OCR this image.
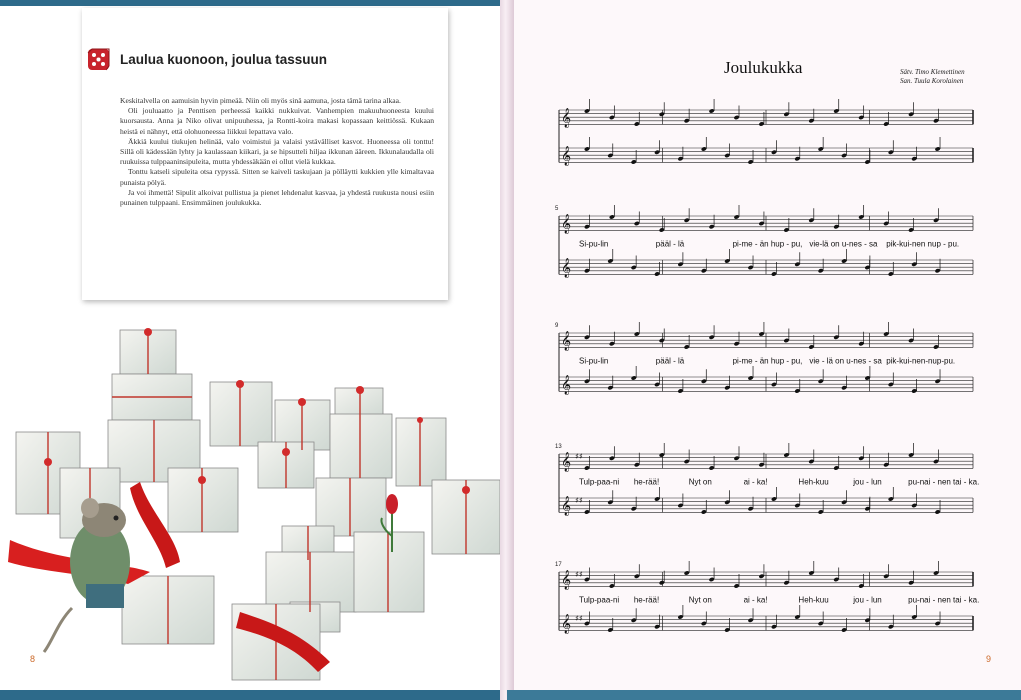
Laulua kuonoon, joulua tassuun

Keskitalvella on aamuisin hyvin pimeää. Niin oli myös sinä aamuna, josta tämä tarina alkaa.

Oli jouluaatto ja Penttisen perheessä kaikki nukkuivat. Vanhempien makuuhuoneesta kuului kuorsausta. Anna ja Niko olivat unipuuhessa, ja Rontti-koira makasi kopassaan keittiössä. Kukaan heistä ei nähnyt, että olohuoneessa liikkui lepattava valo.

Äkkiä kuului tiukujen helinää, valo voimistui ja valaisi ystävälliset kasvot. Huoneessa oli tonttu! Sillä oli kädessään lyhty ja kaulassaan kiikari, ja se hipsutteli hiljaa ikkunan ääreen. Ikkunalaudalla oli ruukuissa tulppaaninsipuleita, mutta yhdessäkään ei ollut vielä kukkaa.

Tonttu katseli sipuleita otsa rypyssä. Sitten se kaiveli taskujaan ja pölläytti kukkien ylle kimaltavaa punaista pölyä.

Ja voi ihmettä! Sipulit alkoivat pullistua ja pienet lehdenalut kasvaa, ja yhdestä ruukusta nousi esiin punainen tulppaani. Ensimmäinen joulukukka.

8
Joulukukka	Sätv. Timo Klemettinen
San. Tuula Korolainen
𝄞
𝄞
𝄞
𝄞
5
Si-pu-lin	pääl - lä	pi-me - än hup - pu, vie-lä on u-nes - sa pik-kui-nen nup - pu.
𝄞
𝄞
9
Si-pu-lin	pääl - lä	pi-me - än hup - pu, vie - lä on u-nes - sa pik-kui-nen-nup-pu.
𝄞 ♯♯
𝄞 ♯♯
13
Tulp-paa-ni he-rää!	Nyt on	ai - ka!	Heh-kuu	jou - lun	pu-nai - nen tai - ka.
𝄞 ♯♯
𝄞 ♯♯
17
Tulp-paa-ni he-rää!	Nyt on	ai - ka!	Heh-kuu	jou - lun	pu-nai - nen tai - ka.
9
